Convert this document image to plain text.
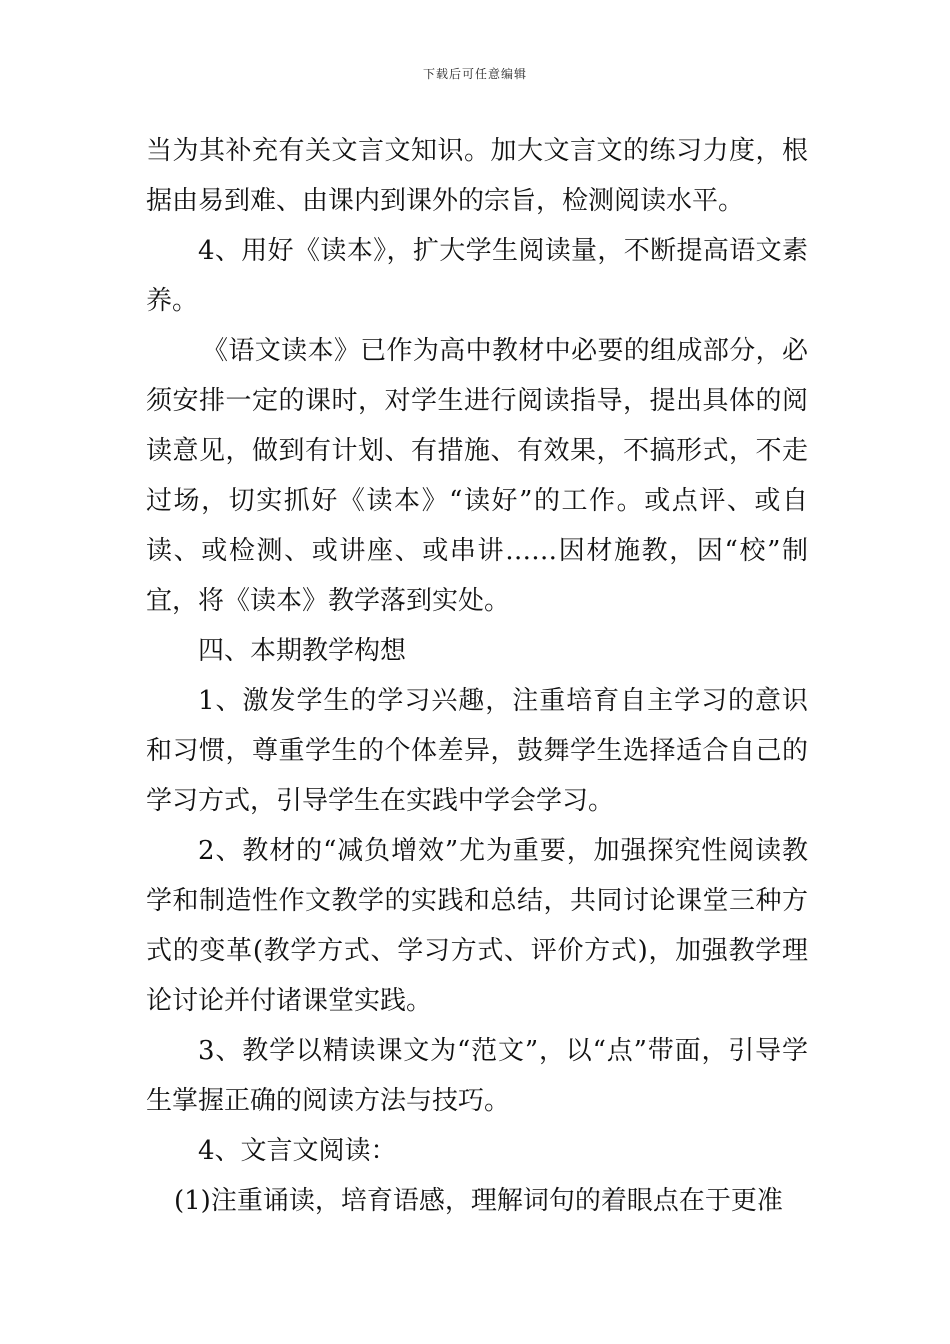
下载后可任意编辑

当为其补充有关文言文知识。加大文言文的练习力度，根据由易到难、由课内到课外的宗旨，检测阅读水平。

4、用好《读本》，扩大学生阅读量，不断提高语文素养。

《语文读本》已作为高中教材中必要的组成部分，必须安排一定的课时，对学生进行阅读指导，提出具体的阅读意见，做到有计划、有措施、有效果，不搞形式，不走过场，切实抓好《读本》“读好”的工作。或点评、或自读、或检测、或讲座、或串讲……因材施教，因“校”制宜，将《读本》教学落到实处。

四、本期教学构想

1、激发学生的学习兴趣，注重培育自主学习的意识和习惯，尊重学生的个体差异，鼓舞学生选择适合自己的学习方式，引导学生在实践中学会学习。

2、教材的“减负增效”尤为重要，加强探究性阅读教学和制造性作文教学的实践和总结，共同讨论课堂三种方式的变革(教学方式、学习方式、评价方式)，加强教学理论讨论并付诸课堂实践。

3、教学以精读课文为“范文”，以“点”带面，引导学生掌握正确的阅读方法与技巧。

4、文言文阅读：

(1)注重诵读，培育语感，理解词句的着眼点在于更准
